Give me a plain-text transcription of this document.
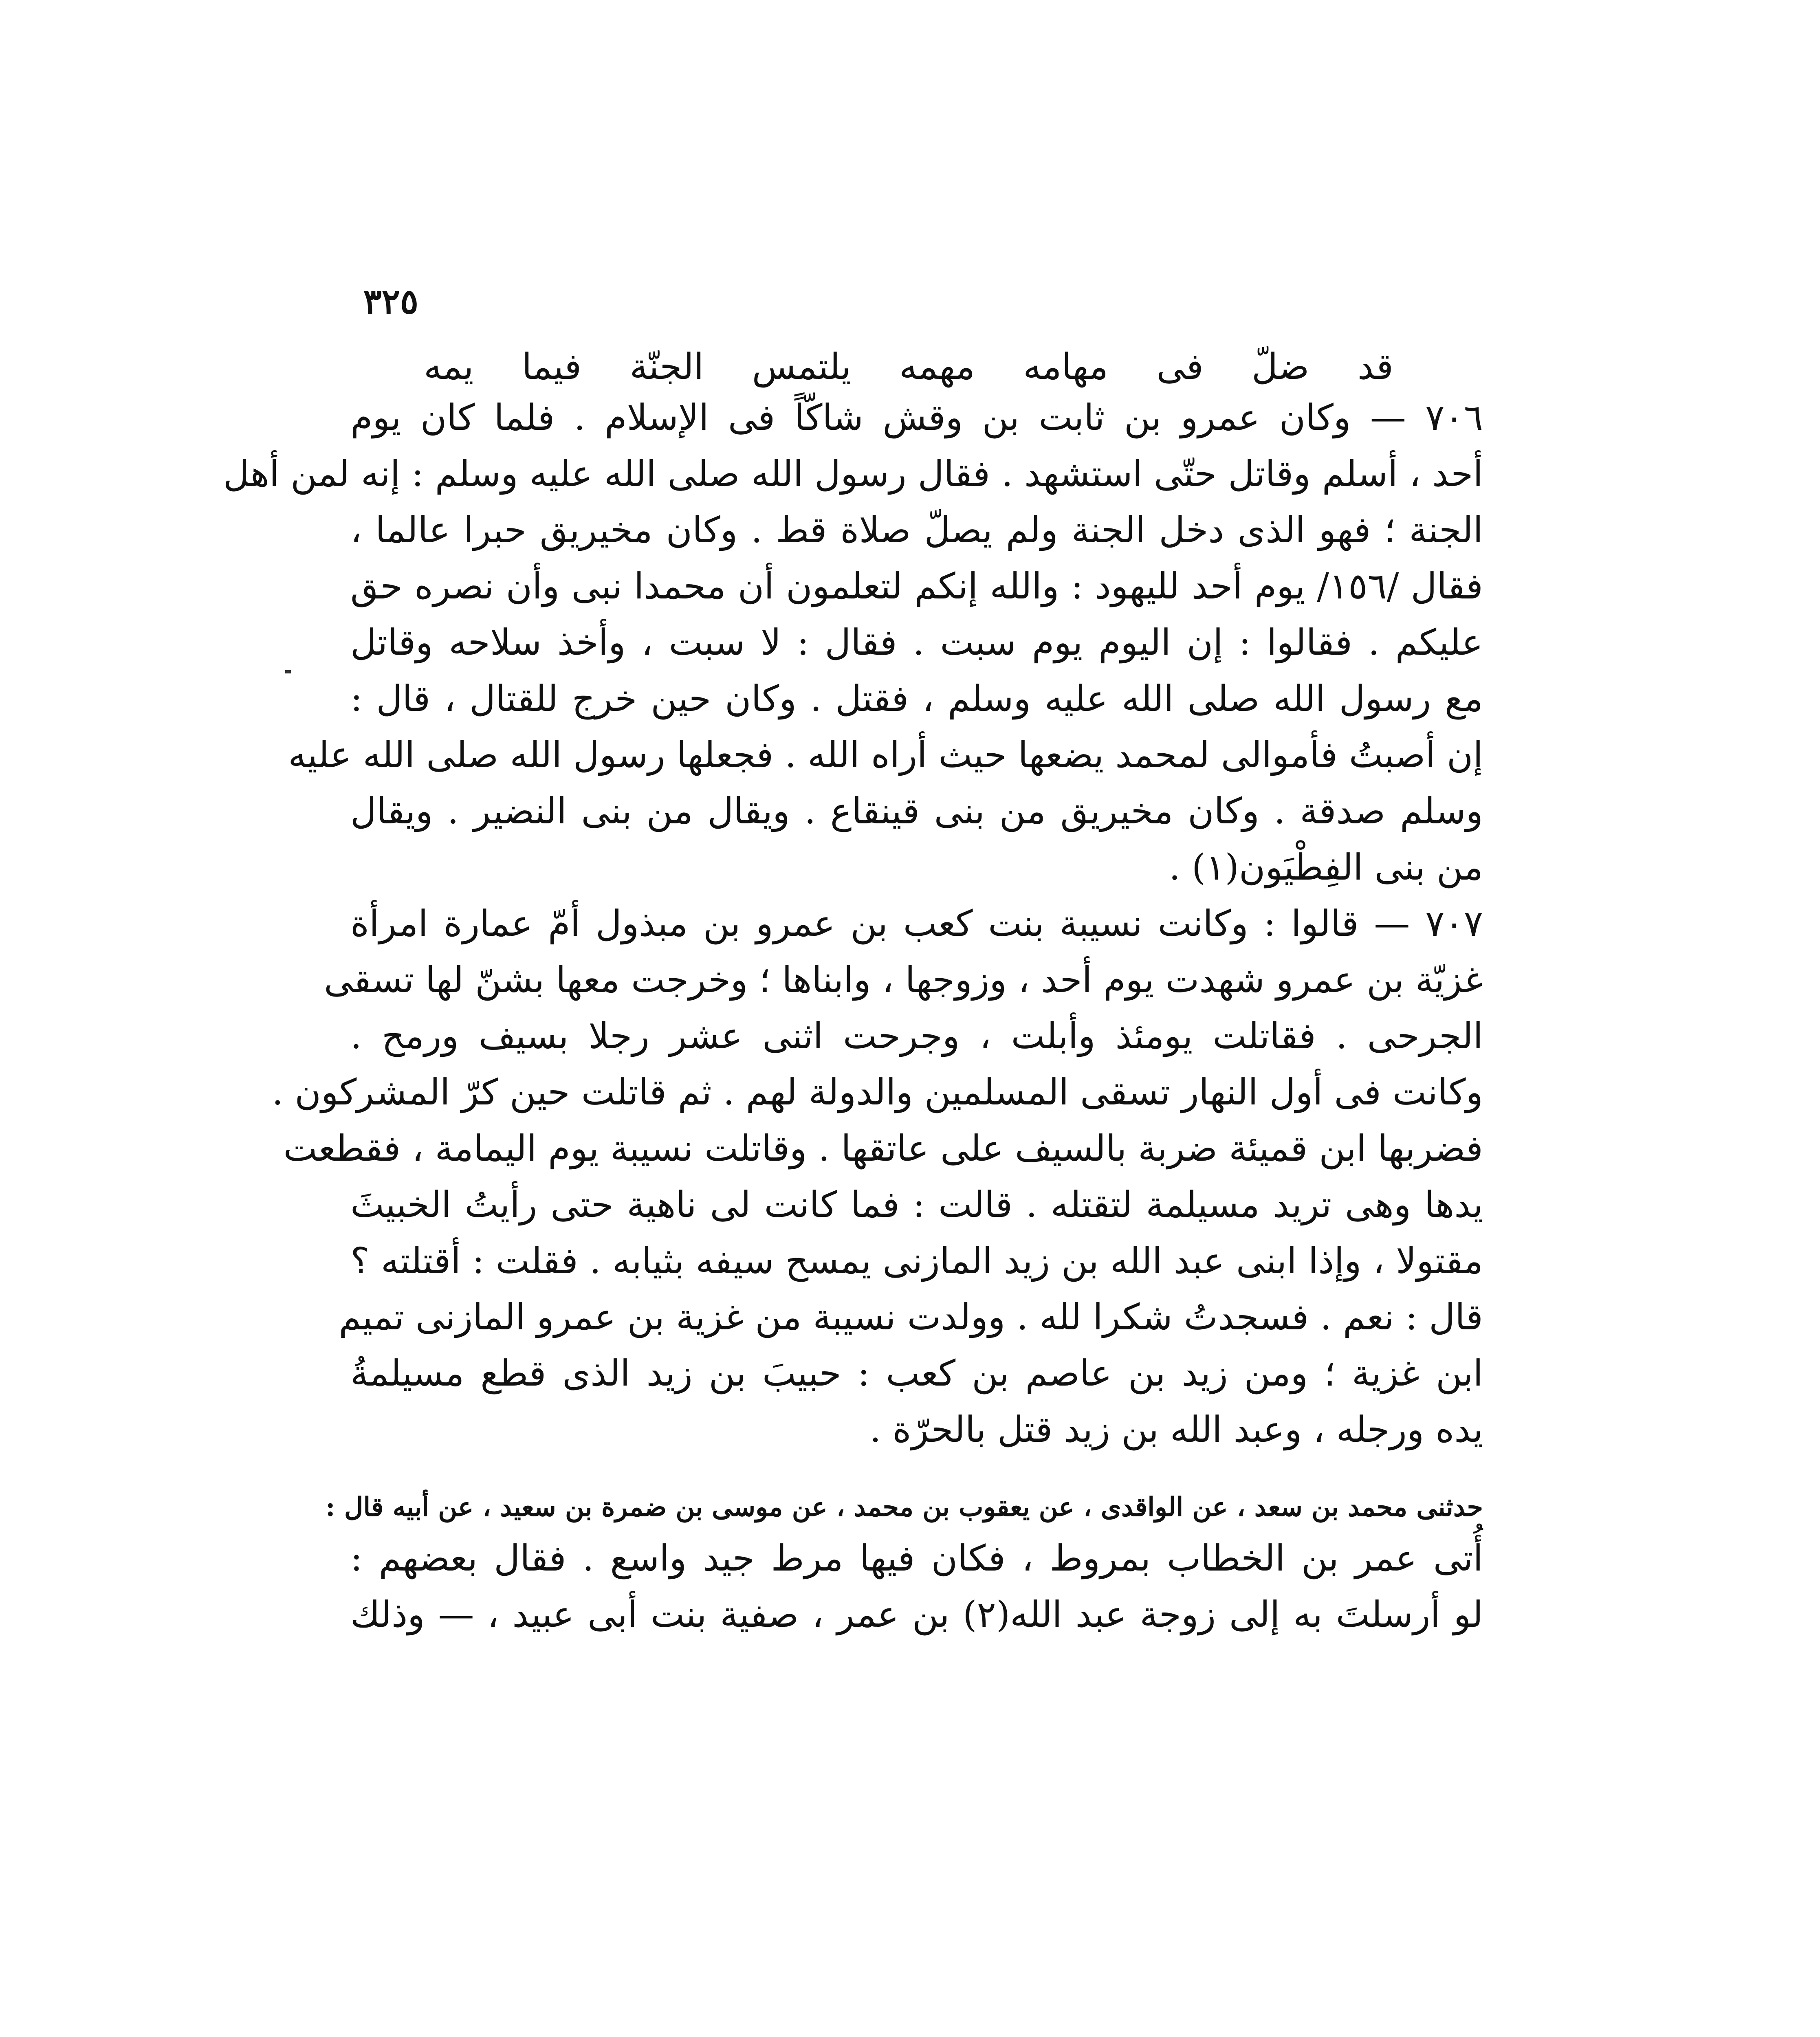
٣٢٥
قد ضلّ فى مهامه مهمه يلتمس الجنّة فيما يمه
٧٠٦ — وكان عمرو بن ثابت بن وقش شاكّاً فى الإسلام . فلما كان يوم
أحد ، أسلم وقاتل حتّى استشهد . فقال رسول الله صلى الله عليه وسلم : إنه لمن أهل
الجنة ؛ فهو الذى دخل الجنة ولم يصلّ صلاة قط . وكان مخيريق حبرا عالما ،
فقال /١٥٦/ يوم أحد لليهود : والله إنكم لتعلمون أن محمدا نبى وأن نصره حق
عليكم . فقالوا : إن اليوم يوم سبت . فقال : لا سبت ، وأخذ سلاحه وقاتل
مع رسول الله صلى الله عليه وسلم ، فقتل . وكان حين خرج للقتال ، قال :
إن أصبتُ فأموالى لمحمد يضعها حيث أراه الله . فجعلها رسول الله صلى الله عليه
وسلم صدقة . وكان مخيريق من بنى قينقاع . ويقال من بنى النضير . ويقال
من بنى الفِطْيَون(١) .
٧٠٧ — قالوا : وكانت نسيبة بنت كعب بن عمرو بن مبذول أمّ عمارة امرأة
غزيّة بن عمرو شهدت يوم أحد ، وزوجها ، وابناها ؛ وخرجت معها بشنّ لها تسقى
الجرحى . فقاتلت يومئذ وأبلت ، وجرحت اثنى عشر رجلا بسيف ورمح .
وكانت فى أول النهار تسقى المسلمين والدولة لهم . ثم قاتلت حين كرّ المشركون .
فضربها ابن قميئة ضربة بالسيف على عاتقها . وقاتلت نسيبة يوم اليمامة ، فقطعت
يدها وهى تريد مسيلمة لتقتله . قالت : فما كانت لى ناهية حتى رأيتُ الخبيثَ
مقتولا ، وإذا ابنى عبد الله بن زيد المازنى يمسح سيفه بثيابه . فقلت : أقتلته ؟
قال : نعم . فسجدتُ شكرا لله . وولدت نسيبة من غزية بن عمرو المازنى تميم
ابن غزية ؛ ومن زيد بن عاصم بن كعب : حبيبَ بن زيد الذى قطع مسيلمةُ
يده ورجله ، وعبد الله بن زيد قتل بالحرّة .
حدثنى محمد بن سعد ، عن الواقدى ، عن يعقوب بن محمد ، عن موسى بن ضمرة بن سعيد ، عن أبيه قال :
أُتى عمر بن الخطاب بمروط ، فكان فيها مرط جيد واسع . فقال بعضهم :
لو أرسلتَ به إلى زوجة عبد الله(٢) بن عمر ، صفية بنت أبى عبيد ، — وذلك
